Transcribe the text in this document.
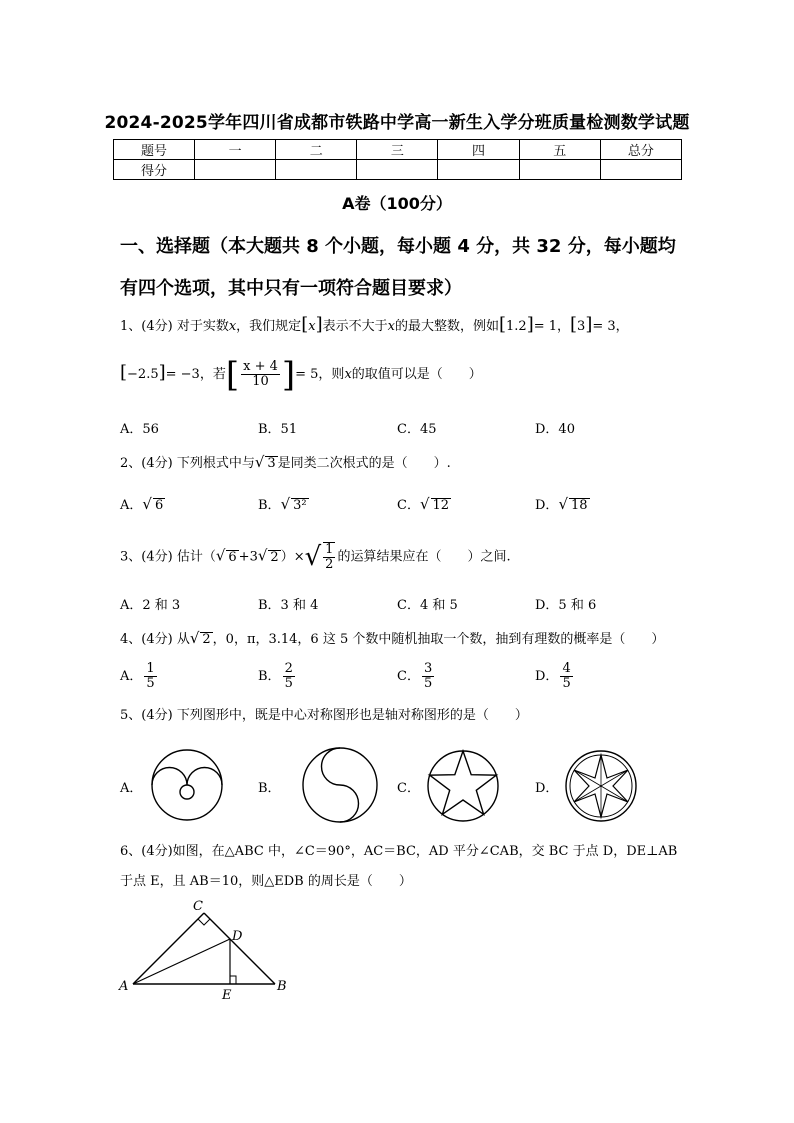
2024-2025学年四川省成都市铁路中学高一新生入学分班质量检测数学试题
题号	一	二	三	四	五	总分
得分						
A卷（100分）
一、选择题（本大题共 8 个小题，每小题 4 分，共 32 分，每小题均
有四个选项，其中只有一项符合题目要求）
1、(4分) 对于实数x，我们规定[x]表示不大于x的最大整数，例如[1.2]= 1，[3]= 3，
[−2.5]= −3，若[ $\frac{x + 4}{10}$ ]= 5，则x的取值可以是（　　）
A．56	B．51	C．45	D．40
2、(4分) 下列根式中与√ 3 是同类二次根式的是（　　）.
A．√ 6	B．√ 3²	C．√ 12	D．√ 18
3、(4分) 估计（√ 6 +3√ 2 ）×√ $\frac{1}{2}$ 的运算结果应在（　　）之间.
A．2 和 3	B．3 和 4	C．4 和 5	D．5 和 6
4、(4分) 从√ 2 ，0，π，3.14，6 这 5 个数中随机抽取一个数，抽到有理数的概率是（　　）
A． $\frac{1}{5}$	B． $\frac{2}{5}$	C． $\frac{3}{5}$	D． $\frac{4}{5}$
5、(4分) 下列图形中，既是中心对称图形也是轴对称图形的是（　　）
A．	B．	C．	D．
6、(4分)如图，在△ABC 中，∠C＝90°，AC＝BC，AD 平分∠CAB，交 BC 于点 D，DE⊥AB
于点 E，且 AB＝10，则△EDB 的周长是（　　）
C
D
A	B
E
